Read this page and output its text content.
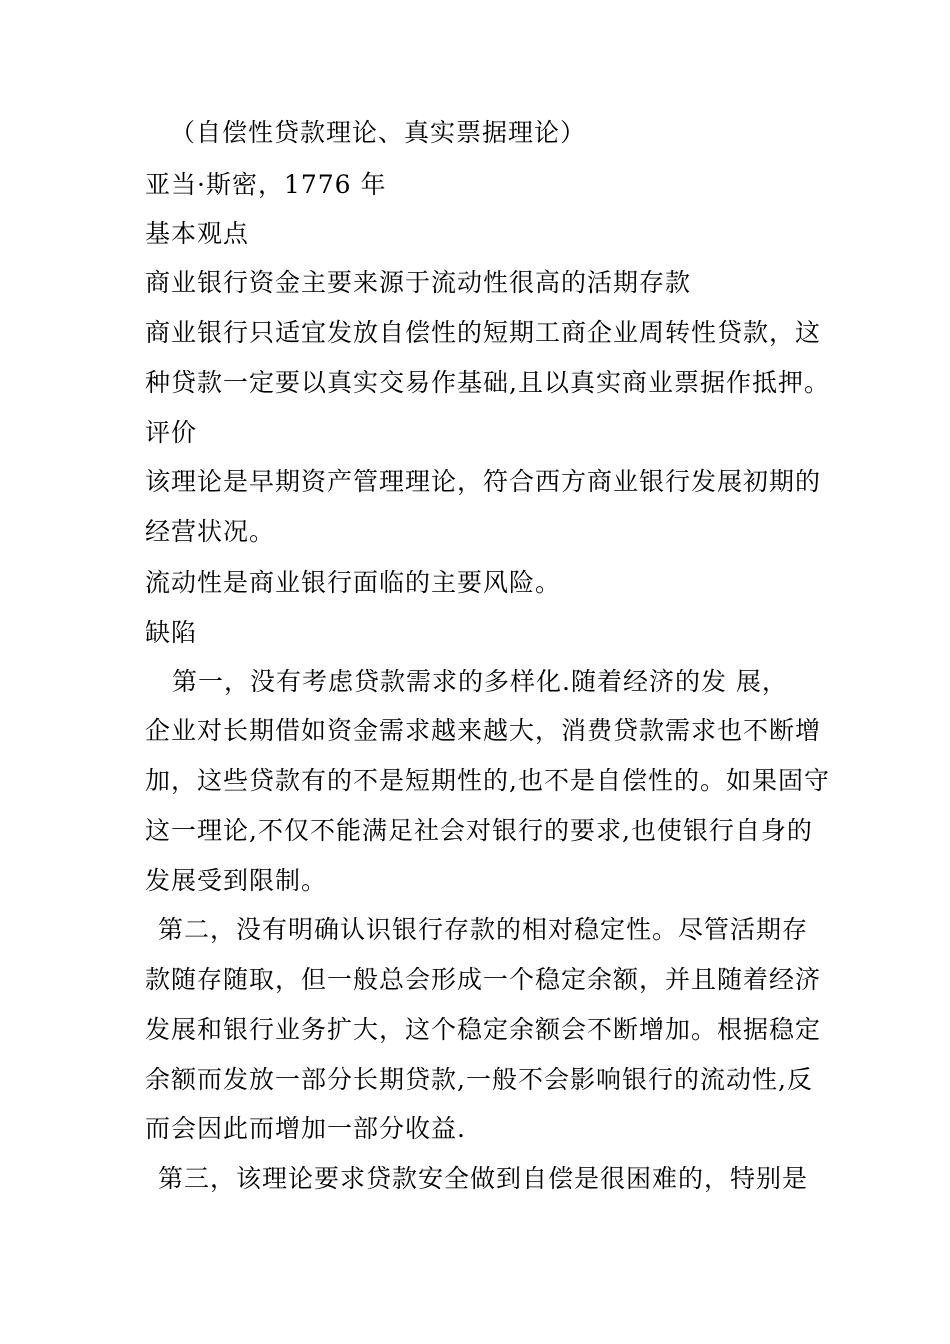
（自偿性贷款理论、真实票据理论）
亚当·斯密，1776 年
基本观点
商业银行资金主要来源于流动性很高的活期存款
商业银行只适宜发放自偿性的短期工商企业周转性贷款，这
种贷款一定要以真实交易作基础,且以真实商业票据作抵押。
评价
该理论是早期资产管理理论，符合西方商业银行发展初期的
经营状况。
流动性是商业银行面临的主要风险。
缺陷
第一，没有考虑贷款需求的多样化.随着经济的发 展，
企业对长期借如资金需求越来越大，消费贷款需求也不断增
加，这些贷款有的不是短期性的,也不是自偿性的。如果固守
这一理论,不仅不能满足社会对银行的要求,也使银行自身的
发展受到限制。
第二，没有明确认识银行存款的相对稳定性。尽管活期存
款随存随取，但一般总会形成一个稳定余额，并且随着经济
发展和银行业务扩大，这个稳定余额会不断增加。根据稳定
余额而发放一部分长期贷款,一般不会影响银行的流动性,反
而会因此而增加一部分收益.
第三，该理论要求贷款安全做到自偿是很困难的，特别是
